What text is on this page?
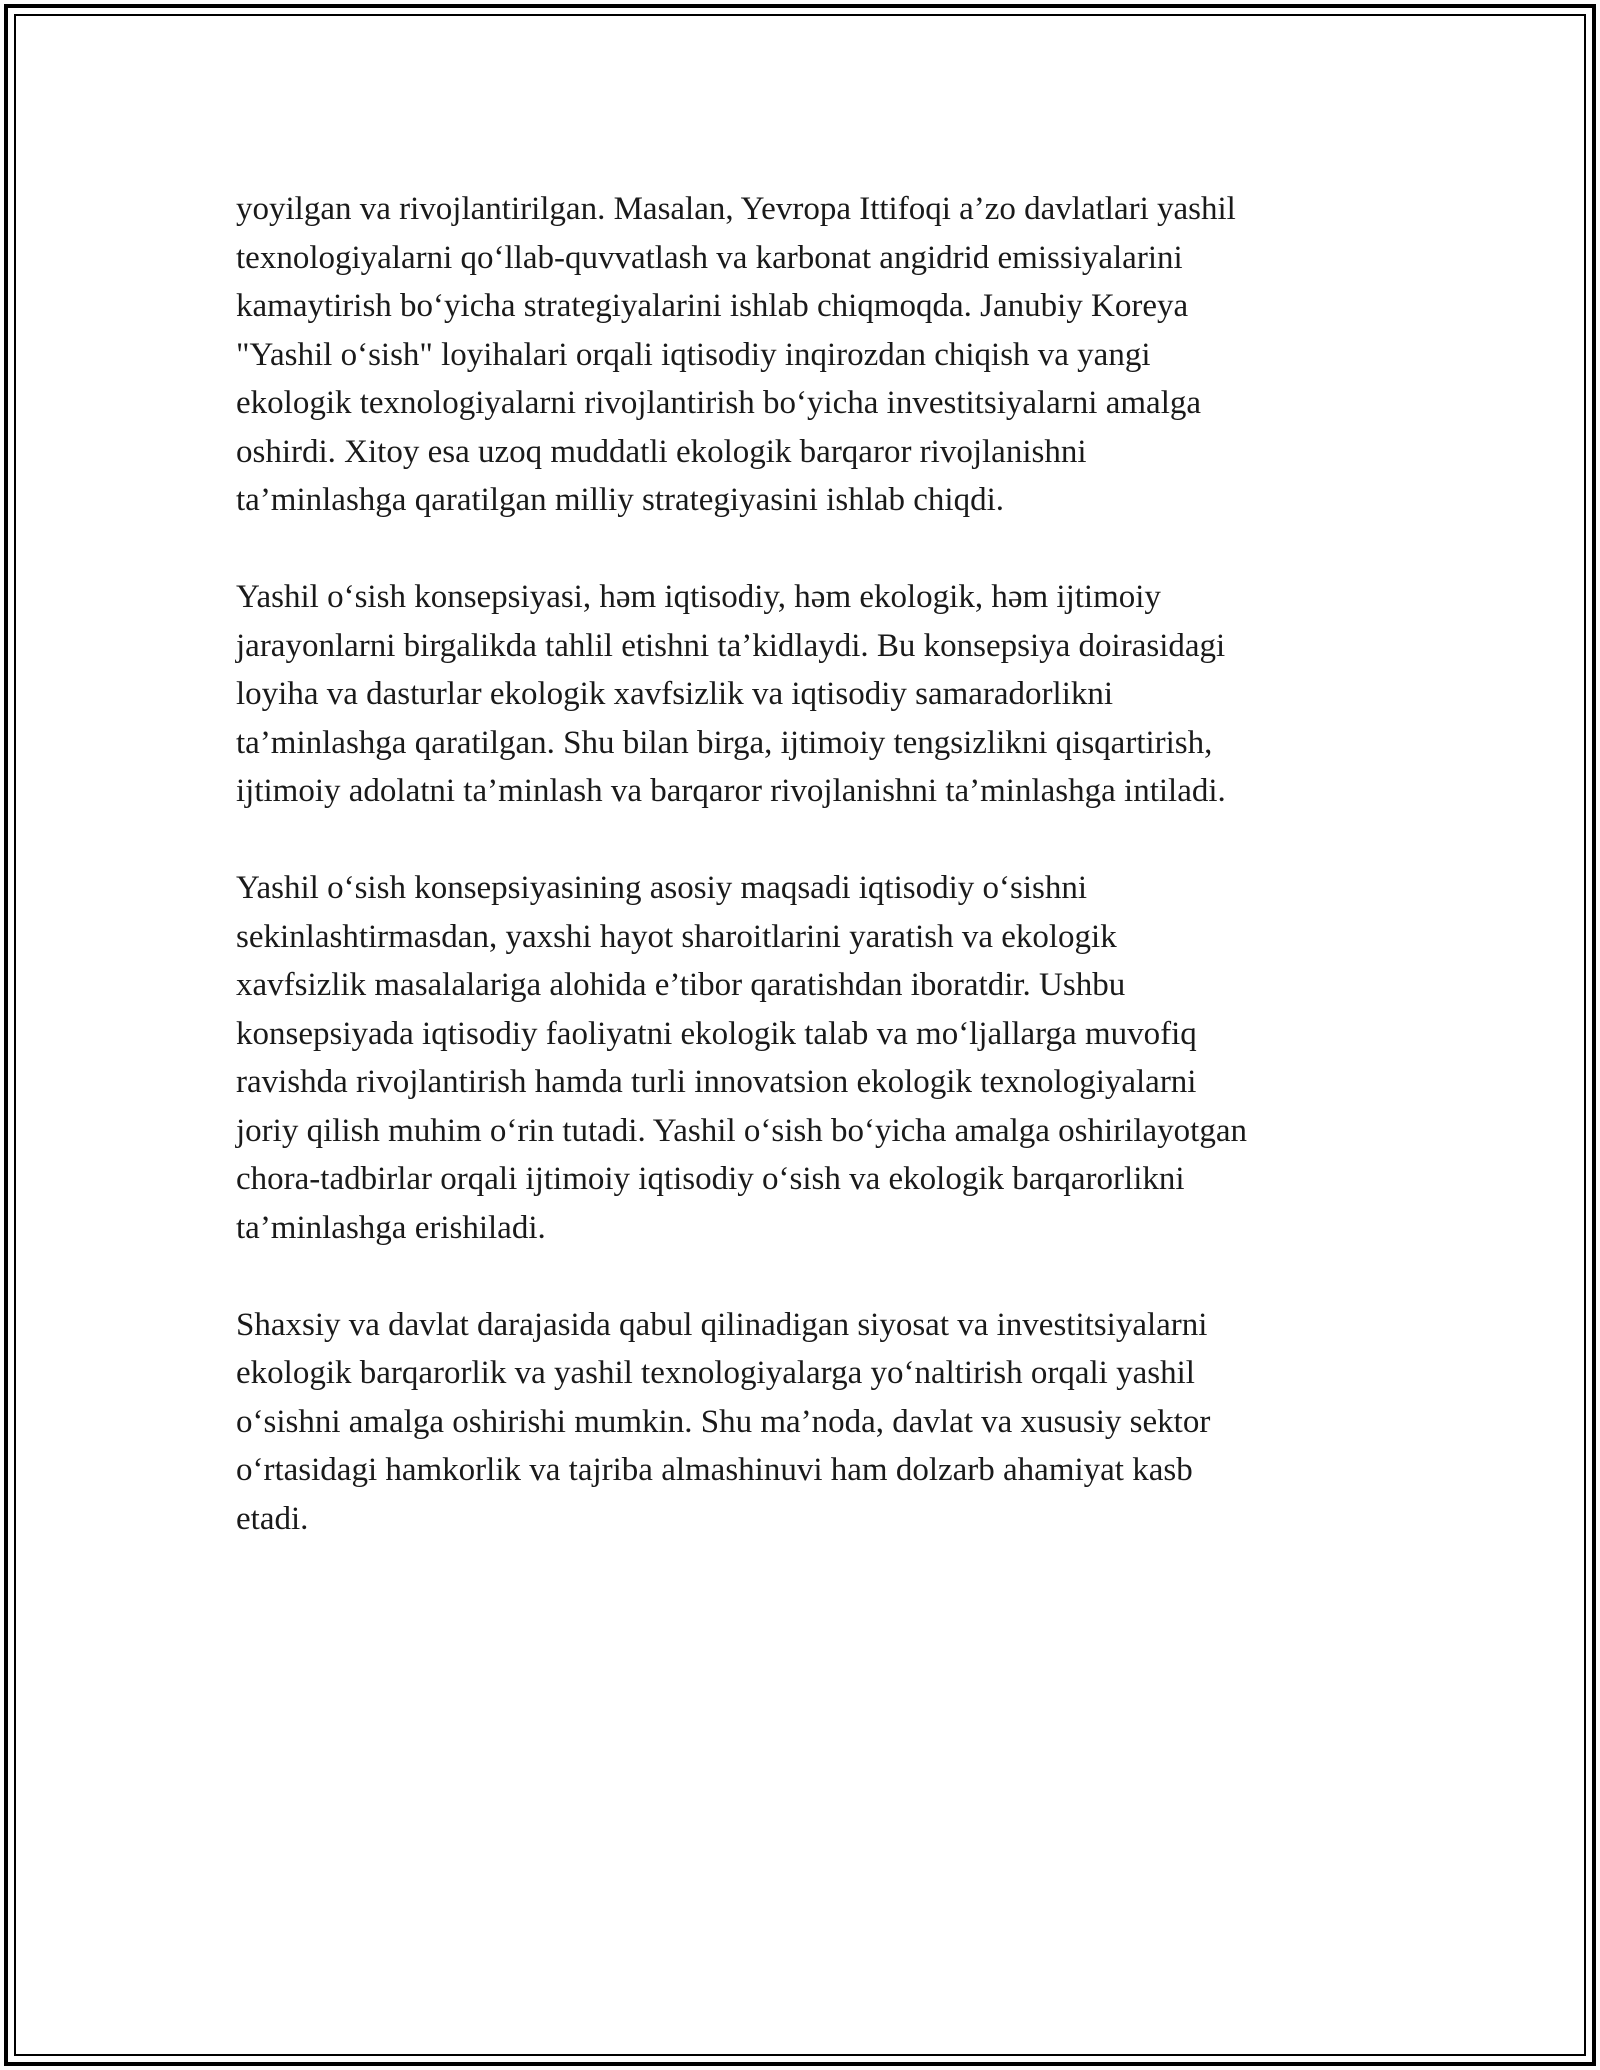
yoyilgan va rivojlantirilgan. Masalan, Yevropa Ittifoqi a’zo davlatlari yashil
texnologiyalarni qo‘llab-quvvatlash va karbonat angidrid emissiyalarini
kamaytirish bo‘yicha strategiyalarini ishlab chiqmoqda. Janubiy Koreya
"Yashil o‘sish" loyihalari orqali iqtisodiy inqirozdan chiqish va yangi
ekologik texnologiyalarni rivojlantirish bo‘yicha investitsiyalarni amalga
oshirdi. Xitoy esa uzoq muddatli ekologik barqaror rivojlanishni
ta’minlashga qaratilgan milliy strategiyasini ishlab chiqdi.

Yashil o‘sish konsepsiyasi, həm iqtisodiy, həm ekologik, həm ijtimoiy
jarayonlarni birgalikda tahlil etishni ta’kidlaydi. Bu konsepsiya doirasidagi
loyiha va dasturlar ekologik xavfsizlik va iqtisodiy samaradorlikni
ta’minlashga qaratilgan. Shu bilan birga, ijtimoiy tengsizlikni qisqartirish,
ijtimoiy adolatni ta’minlash va barqaror rivojlanishni ta’minlashga intiladi.

Yashil o‘sish konsepsiyasining asosiy maqsadi iqtisodiy o‘sishni
sekinlashtirmasdan, yaxshi hayot sharoitlarini yaratish va ekologik
xavfsizlik masalalariga alohida e’tibor qaratishdan iboratdir. Ushbu
konsepsiyada iqtisodiy faoliyatni ekologik talab va mo‘ljallarga muvofiq
ravishda rivojlantirish hamda turli innovatsion ekologik texnologiyalarni
joriy qilish muhim o‘rin tutadi. Yashil o‘sish bo‘yicha amalga oshirilayotgan
chora-tadbirlar orqali ijtimoiy iqtisodiy o‘sish va ekologik barqarorlikni
ta’minlashga erishiladi.

Shaxsiy va davlat darajasida qabul qilinadigan siyosat va investitsiyalarni
ekologik barqarorlik va yashil texnologiyalarga yo‘naltirish orqali yashil
o‘sishni amalga oshirishi mumkin. Shu ma’noda, davlat va xususiy sektor
o‘rtasidagi hamkorlik va tajriba almashinuvi ham dolzarb ahamiyat kasb
etadi.
